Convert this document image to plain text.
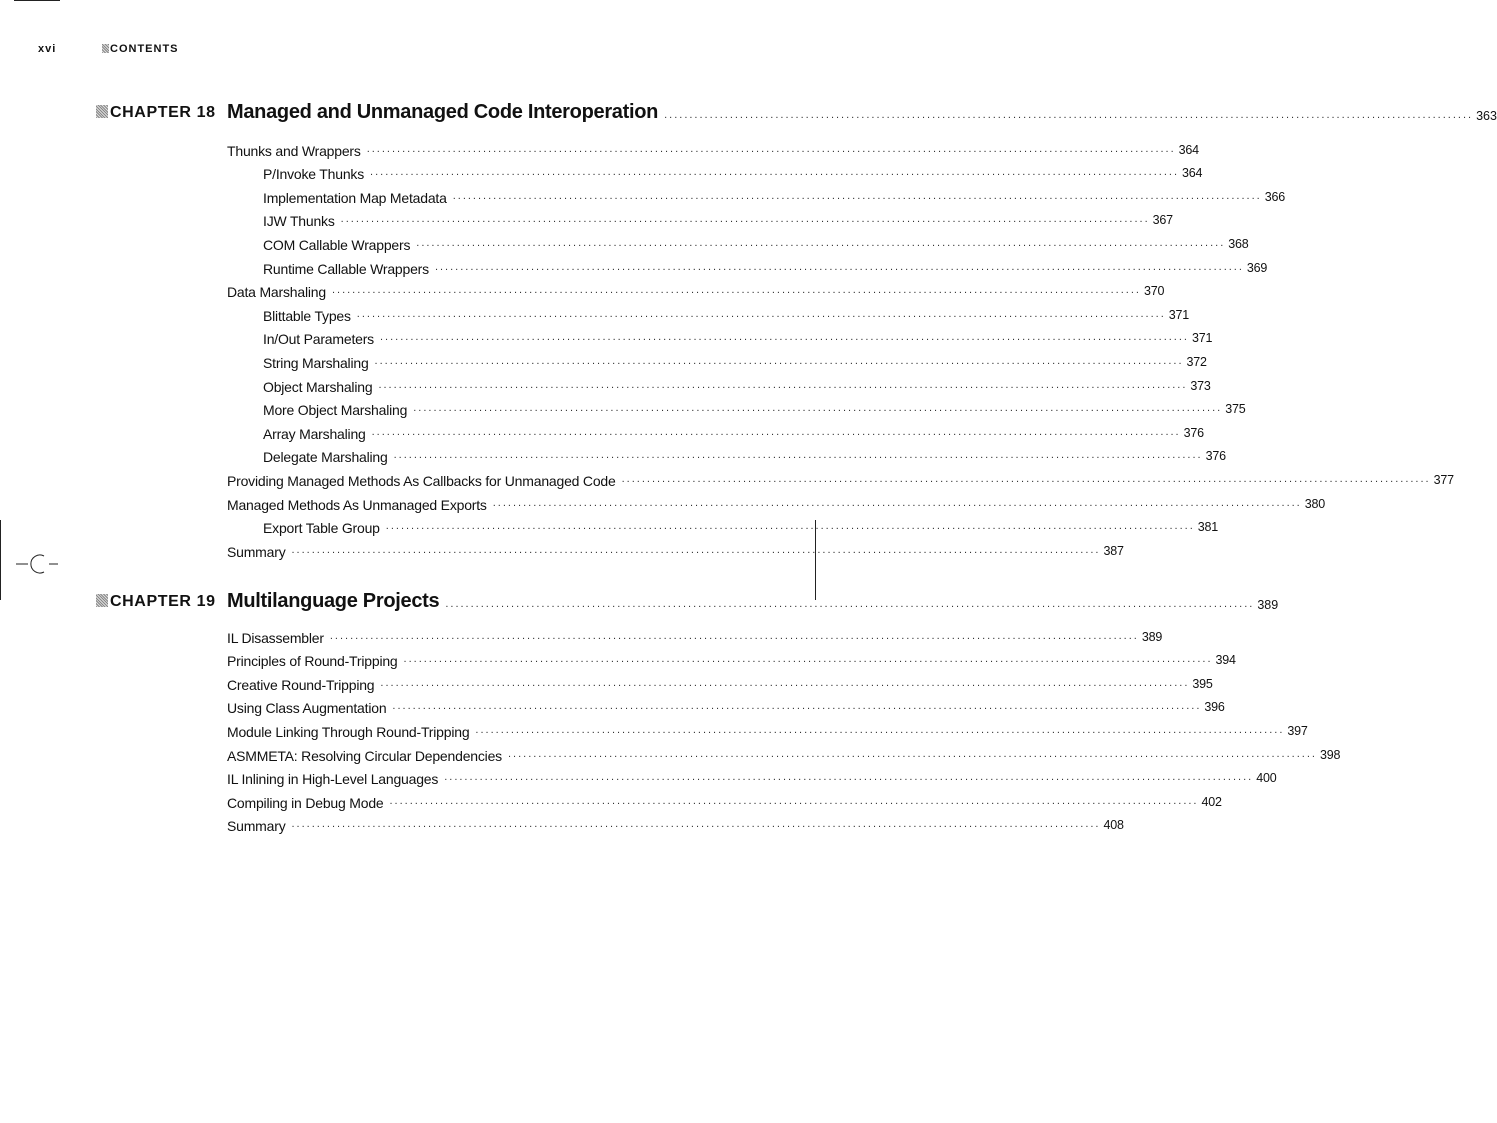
xvi	CONTENTS
CHAPTER 18 Managed and Unmanaged Code Interoperation ................................................................................................................................................................ 363
Thunks and Wrappers ................................................................................................................................................................ 364
P/Invoke Thunks ................................................................................................................................................................ 364
Implementation Map Metadata ................................................................................................................................................................ 366
IJW Thunks ................................................................................................................................................................ 367
COM Callable Wrappers ................................................................................................................................................................ 368
Runtime Callable Wrappers ................................................................................................................................................................ 369
Data Marshaling ................................................................................................................................................................ 370
Blittable Types ................................................................................................................................................................ 371
In/Out Parameters ................................................................................................................................................................ 371
String Marshaling ................................................................................................................................................................ 372
Object Marshaling ................................................................................................................................................................ 373
More Object Marshaling ................................................................................................................................................................ 375
Array Marshaling ................................................................................................................................................................ 376
Delegate Marshaling ................................................................................................................................................................ 376
Providing Managed Methods As Callbacks for Unmanaged Code ................................................................................................................................................................ 377
Managed Methods As Unmanaged Exports ................................................................................................................................................................ 380
Export Table Group ................................................................................................................................................................ 381
Summary ................................................................................................................................................................ 387
CHAPTER 19 Multilanguage Projects ................................................................................................................................................................ 389
IL Disassembler ................................................................................................................................................................ 389
Principles of Round-Tripping ................................................................................................................................................................ 394
Creative Round-Tripping ................................................................................................................................................................ 395
Using Class Augmentation ................................................................................................................................................................ 396
Module Linking Through Round-Tripping ................................................................................................................................................................ 397
ASMMETA: Resolving Circular Dependencies ................................................................................................................................................................ 398
IL Inlining in High-Level Languages ................................................................................................................................................................ 400
Compiling in Debug Mode ................................................................................................................................................................ 402
Summary ................................................................................................................................................................ 408
